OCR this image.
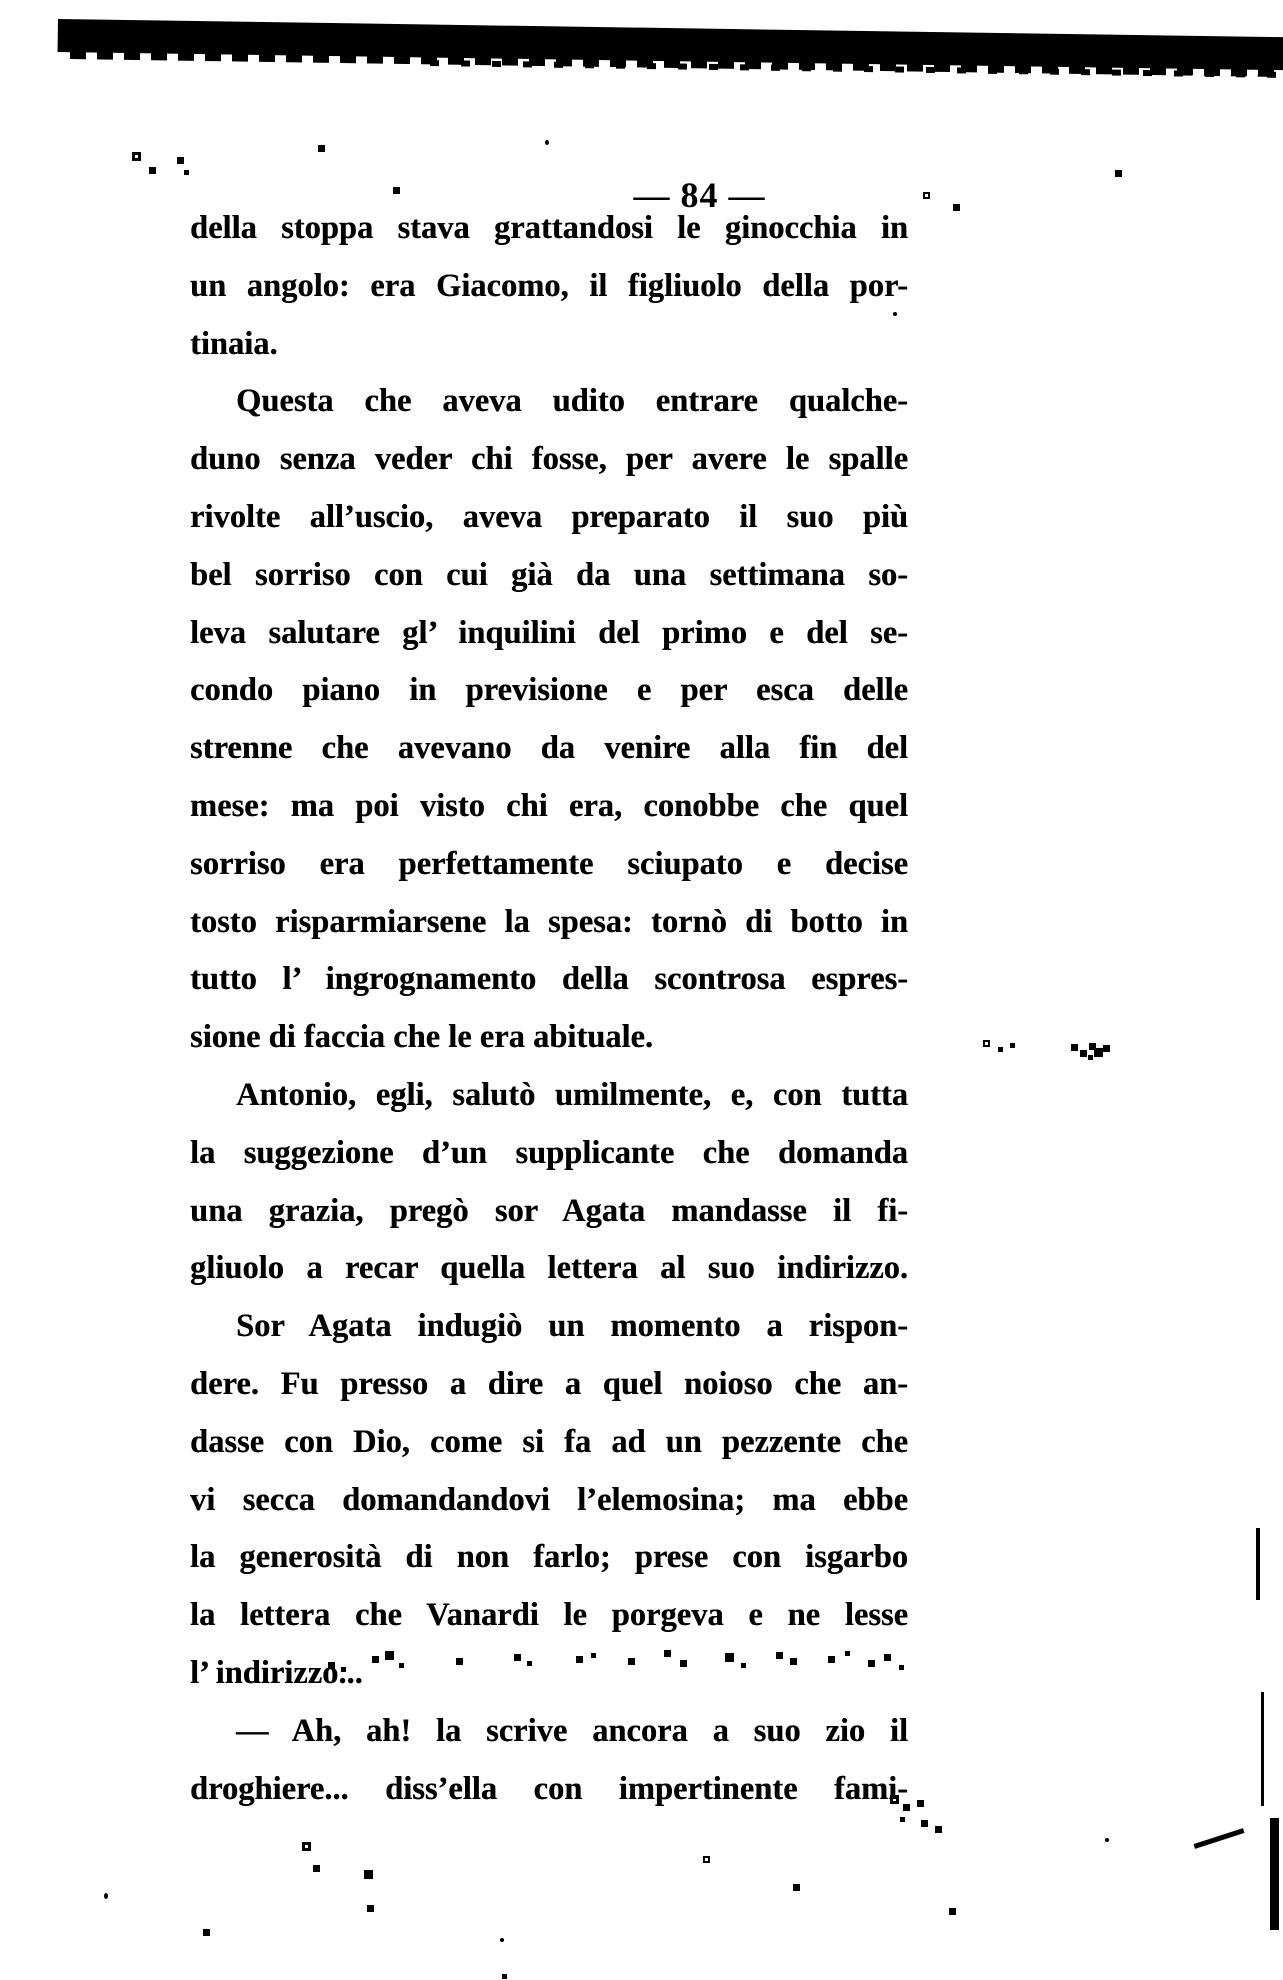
— 84 —
della stoppa stava grattandosi le ginocchia in
un angolo: era Giacomo, il figliuolo della por-
tinaia.
Questa che aveva udito entrare qualche-
duno senza veder chi fosse, per avere le spalle
rivolte all’uscio, aveva preparato il suo più
bel sorriso con cui già da una settimana so-
leva salutare gl’ inquilini del primo e del se-
condo piano in previsione e per esca delle
strenne che avevano da venire alla fin del
mese: ma poi visto chi era, conobbe che quel
sorriso era perfettamente sciupato e decise
tosto risparmiarsene la spesa: tornò di botto in
tutto l’ ingrognamento della scontrosa espres-
sione di faccia che le era abituale.
Antonio, egli, salutò umilmente, e, con tutta
la suggezione d’un supplicante che domanda
una grazia, pregò sor Agata mandasse il fi-
gliuolo a recar quella lettera al suo indirizzo.
Sor Agata indugiò un momento a rispon-
dere. Fu presso a dire a quel noioso che an-
dasse con Dio, come si fa ad un pezzente che
vi secca domandandovi l’elemosina; ma ebbe
la generosità di non farlo; prese con isgarbo
la lettera che Vanardi le porgeva e ne lesse
l’ indirizzo...
— Ah, ah! la scrive ancora a suo zio il
droghiere... diss’ella con impertinente fami-
